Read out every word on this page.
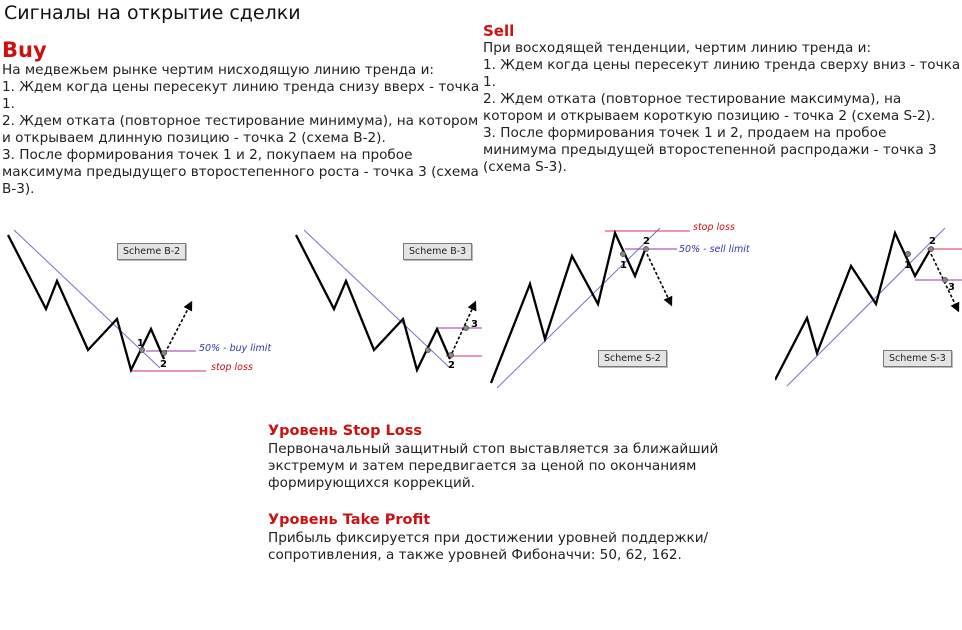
Сигналы на открытие сделки
Buy

На медвежьем рынке чертим нисходящую линию тренда и:

1. Ждем когда цены пересекут линию тренда снизу вверх - точка 1.

2. Ждем отката (повторное тестирование минимума), на котором и открываем длинную позицию - точка 2 (схема B-2).

3. После формирования точек 1 и 2, покупаем на пробое максимума предыдущего второстепенного роста - точка 3 (схема B-3).

Sell

При восходящей тенденции, чертим линию тренда и:

1. Ждем когда цены пересекут линию тренда сверху вниз - точка 1.

2. Ждем отката (повторное тестирование максимума), на котором и открываем короткую позицию - точка 2 (схема S-2).

3. После формирования точек 1 и 2, продаем на пробое минимума предыдущей второстепенной распродажи - точка 3 (схема S-3).

1
2
50% - buy limit
stop loss
Scheme B-2
2
3
Scheme B-3
1
2
stop loss
50% - sell limit
Scheme S-2
1
2
3
Scheme S-3
Уровень Stop Loss
Первоначальный защитный стоп выставляется за ближайший экстремум и затем передвигается за ценой по окончаниям формирующихся коррекций.
Уровень Take Profit
Прибыль фиксируется при достижении уровней поддержки/сопротивления, а также уровней Фибоначчи: 50, 62, 162.
